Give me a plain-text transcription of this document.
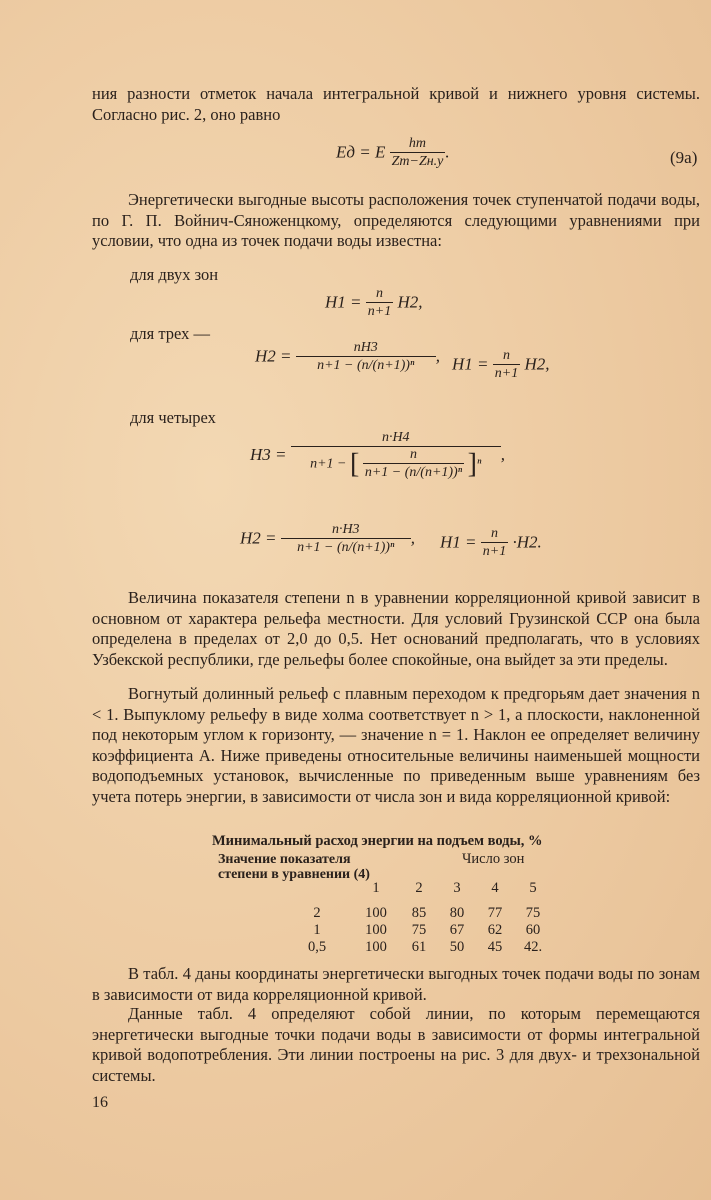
ния разности отметок начала интегральной кривой и нижнего уровня системы. Согласно рис. 2, оно равно

Eд = E $\frac{hm}{Zm-Zн.у}$ .	(9а)

Энергетически выгодные высоты расположения точек ступенчатой подачи воды, по Г. П. Войнич-Сяноженцкому, определяются следующими уравнениями при условии, что одна из точек подачи воды известна:

для двух зон
$H1 = \frac{n}{n+1} H2$,
для трех —
$H2 = \frac{nH3}{\text{n+1 − (n/(n+1))ⁿ}}$ , $H1 = \frac{n}{n+1} H2$,
для четырех
$H3 = \frac{n\cdot H4}{n+1 - [ \frac{n}{\text{n+1 − (n/(n+1))ⁿ}} ]^n}$ ,
$H2 = \frac{n\cdot H3}{\text{n+1 − (n/(n+1))ⁿ}}$ , $H1 = \frac{n}{n+1} \cdot H2$.

Величина показателя степени n в уравнении корреляционной кривой зависит в основном от характера рельефа местности. Для условий Грузинской ССР она была определена в пределах от 2,0 до 0,5. Нет оснований предполагать, что в условиях Узбекской республики, где рельефы более спокойные, она выйдет за эти пределы.

Вогнутый долинный рельеф с плавным переходом к предгорьям дает значения n < 1. Выпуклому рельефу в виде холма соответствует n > 1, а плоскости, наклоненной под некоторым углом к горизонту, — значение n = 1. Наклон ее определяет величину коэффициента A. Ниже приведены относительные величины наименьшей мощности водоподъемных установок, вычисленные по приведенным выше уравнениям без учета потерь энергии, в зависимости от числа зон и вида корреляционной кривой:

Минимальный расход энергии на подъем воды, %
Значение показателя степени в уравнении (4)
Число зон
	1	2	3	4	5

2	100	85	80	77	75
1	100	75	67	62	60
0,5	100	61	50	45	42.

В табл. 4 даны координаты энергетически выгодных точек подачи воды по зонам в зависимости от вида корреляционной кривой.

Данные табл. 4 определяют собой линии, по которым перемещаются энергетически выгодные точки подачи воды в зависимости от формы интегральной кривой водопотребления. Эти линии построены на рис. 3 для двух- и трехзональной системы.

16
